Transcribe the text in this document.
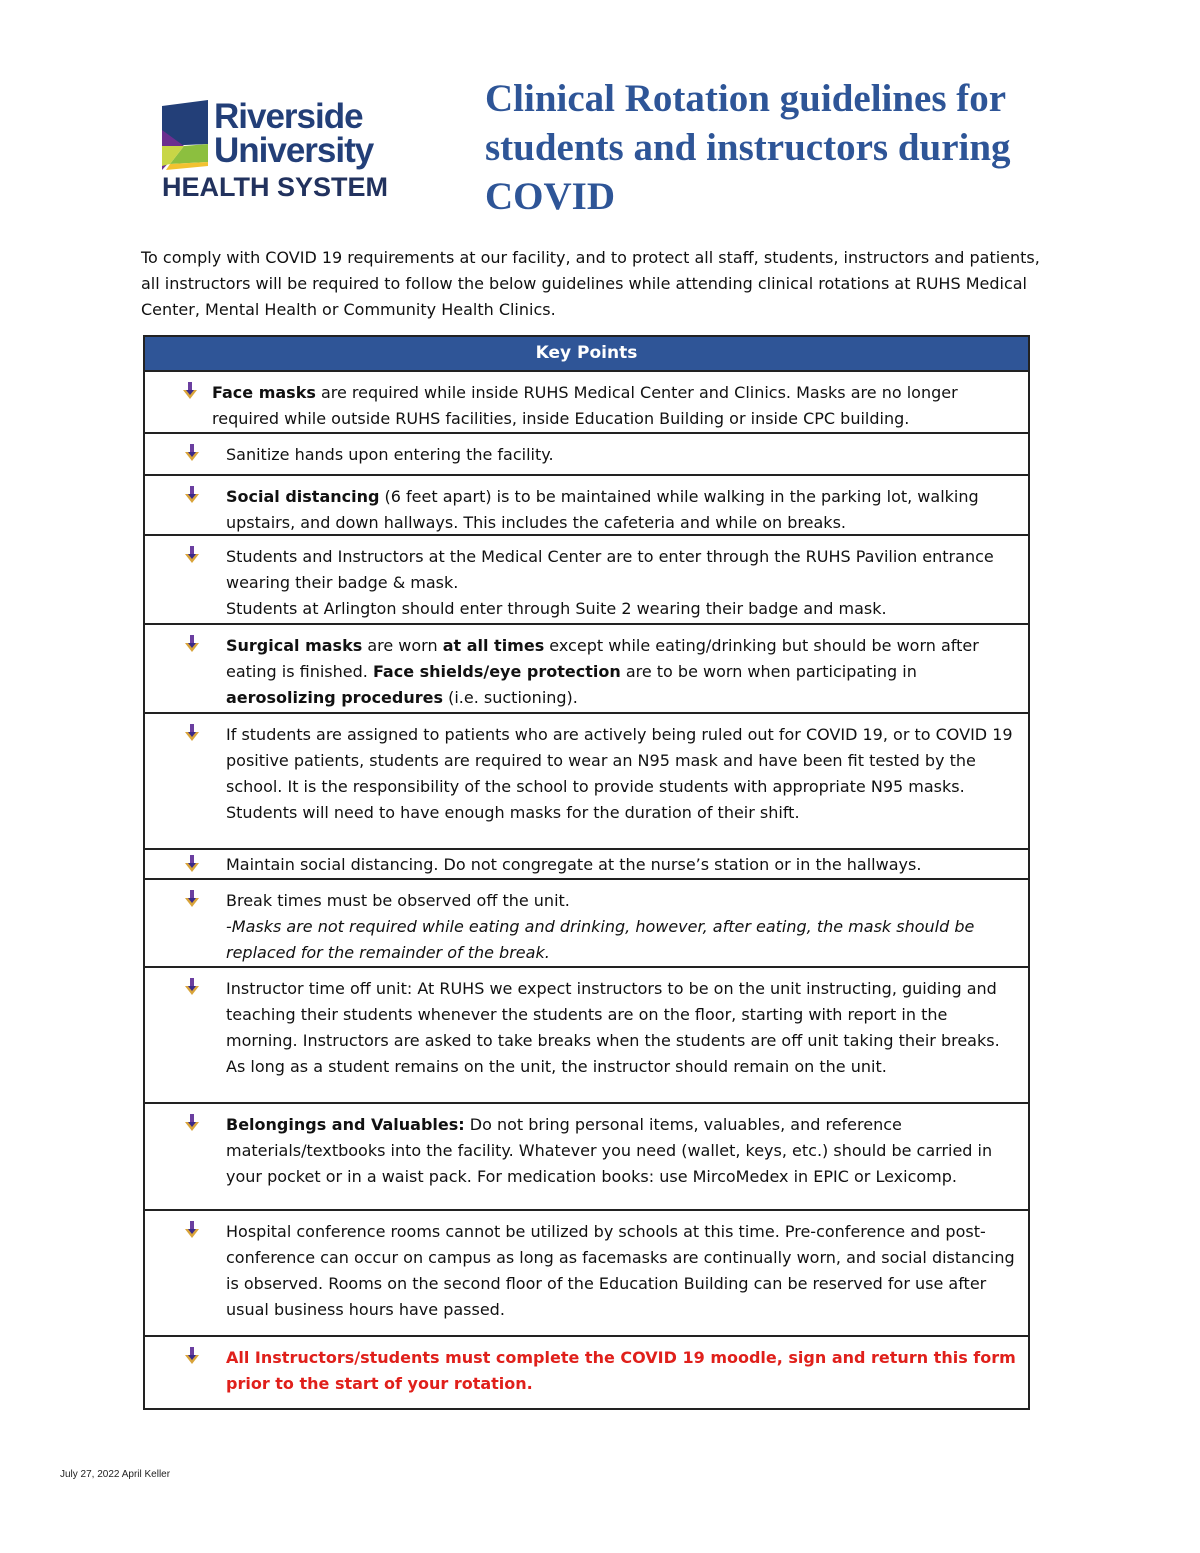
Riverside
University
HEALTH SYSTEM
Clinical Rotation guidelines for students and instructors during COVID
To comply with COVID 19 requirements at our facility, and to protect all staff, students, instructors and patients, all instructors will be required to follow the below guidelines while attending clinical rotations at RUHS Medical Center, Mental Health or Community Health Clinics.
Key Points
Face masks are required while inside RUHS Medical Center and Clinics. Masks are no longer required while outside RUHS facilities, inside Education Building or inside CPC building.
Sanitize hands upon entering the facility.
Social distancing (6 feet apart) is to be maintained while walking in the parking lot, walking upstairs, and down hallways. This includes the cafeteria and while on breaks.
Students and Instructors at the Medical Center are to enter through the RUHS Pavilion entrance wearing their badge & mask.
Students at Arlington should enter through Suite 2 wearing their badge and mask.
Surgical masks are worn at all times except while eating/drinking but should be worn after eating is finished. Face shields/eye protection are to be worn when participating in aerosolizing procedures (i.e. suctioning).
If students are assigned to patients who are actively being ruled out for COVID 19, or to COVID 19 positive patients, students are required to wear an N95 mask and have been fit tested by the school. It is the responsibility of the school to provide students with appropriate N95 masks. Students will need to have enough masks for the duration of their shift.
Maintain social distancing. Do not congregate at the nurse’s station or in the hallways.
Break times must be observed off the unit.
-Masks are not required while eating and drinking, however, after eating, the mask should be replaced for the remainder of the break.
Instructor time off unit: At RUHS we expect instructors to be on the unit instructing, guiding and teaching their students whenever the students are on the floor, starting with report in the morning. Instructors are asked to take breaks when the students are off unit taking their breaks. As long as a student remains on the unit, the instructor should remain on the unit.
Belongings and Valuables: Do not bring personal items, valuables, and reference materials/textbooks into the facility. Whatever you need (wallet, keys, etc.) should be carried in your pocket or in a waist pack. For medication books: use MircoMedex in EPIC or Lexicomp.
Hospital conference rooms cannot be utilized by schools at this time. Pre-conference and post-conference can occur on campus as long as facemasks are continually worn, and social distancing is observed. Rooms on the second floor of the Education Building can be reserved for use after usual business hours have passed.
All Instructors/students must complete the COVID 19 moodle, sign and return this form prior to the start of your rotation.
July 27, 2022 April Keller
